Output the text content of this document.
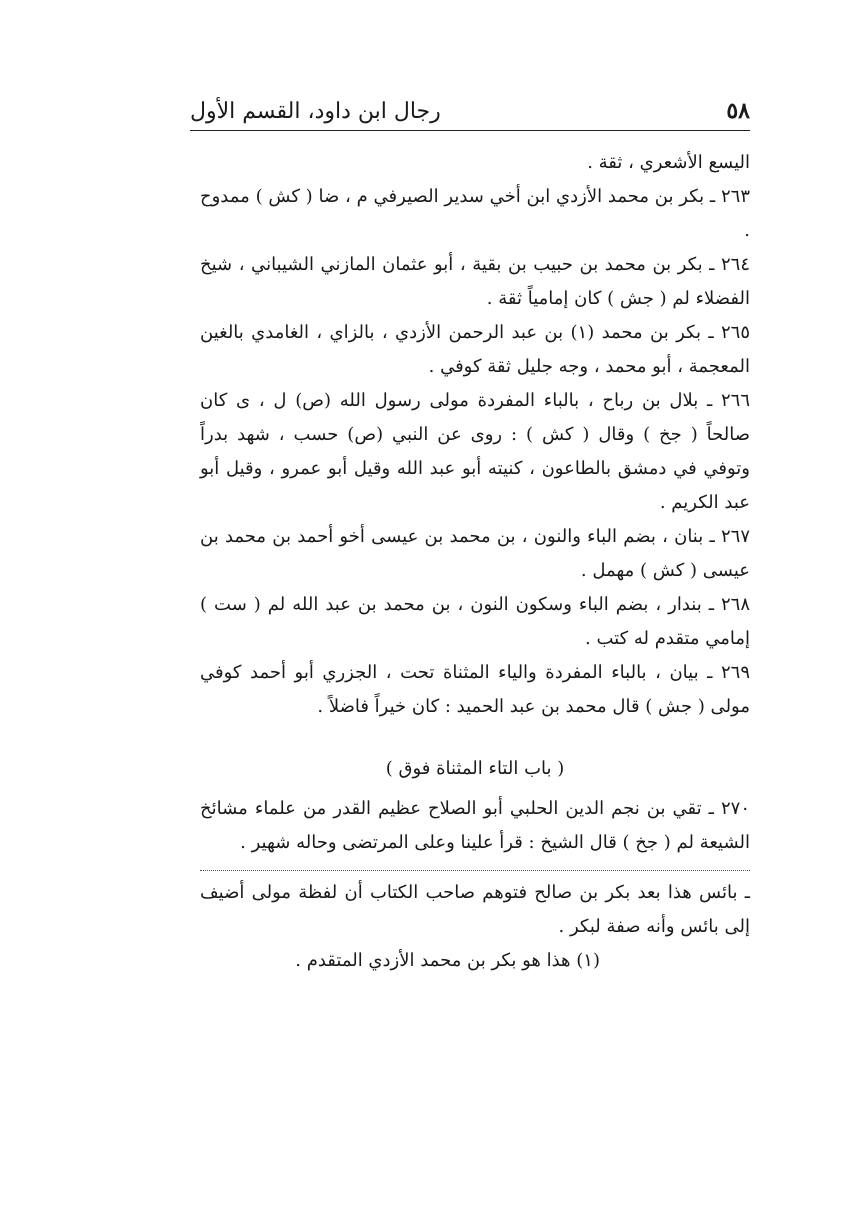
٥٨
رجال ابن داود، القسم الأول

اليسع الأشعري ، ثقة .

٢٦٣ ـ بكر بن محمد الأزدي ابن أخي سدير الصيرفي م ، ضا ( كش ) ممدوح .

٢٦٤ ـ بكر بن محمد بن حبيب بن بقية ، أبو عثمان المازني الشيباني ، شيخ الفضلاء لم ( جش ) كان إمامياً ثقة .

٢٦٥ ـ بكر بن محمد (١) بن عبد الرحمن الأزدي ، بالزاي ، الغامدي بالغين المعجمة ، أبو محمد ، وجه جليل ثقة كوفي .

٢٦٦ ـ بلال بن رباح ، بالباء المفردة مولى رسول الله (ص) ل ، ى كان صالحاً ( جخ ) وقال ( كش ) : روى عن النبي (ص) حسب ، شهد بدراً وتوفي في دمشق بالطاعون ، كنيته أبو عبد الله وقيل أبو عمرو ، وقيل أبو عبد الكريم .

٢٦٧ ـ بنان ، بضم الباء والنون ، بن محمد بن عيسى أخو أحمد بن محمد بن عيسى ( كش ) مهمل .

٢٦٨ ـ بندار ، بضم الباء وسكون النون ، بن محمد بن عبد الله لم ( ست ) إمامي متقدم له كتب .

٢٦٩ ـ بيان ، بالباء المفردة والياء المثناة تحت ، الجزري أبو أحمد كوفي مولى ( جش ) قال محمد بن عبد الحميد : كان خيراً فاضلاً .

( باب التاء المثناة فوق )

٢٧٠ ـ تقي بن نجم الدين الحلبي أبو الصلاح عظيم القدر من علماء مشائخ الشيعة لم ( جخ ) قال الشيخ : قرأ علينا وعلى المرتضى وحاله شهير .

ـ بائس هذا بعد بكر بن صالح فتوهم صاحب الكتاب أن لفظة مولى أضيف إلى بائس وأنه صفة لبكر .

(١) هذا هو بكر بن محمد الأزدي المتقدم .
